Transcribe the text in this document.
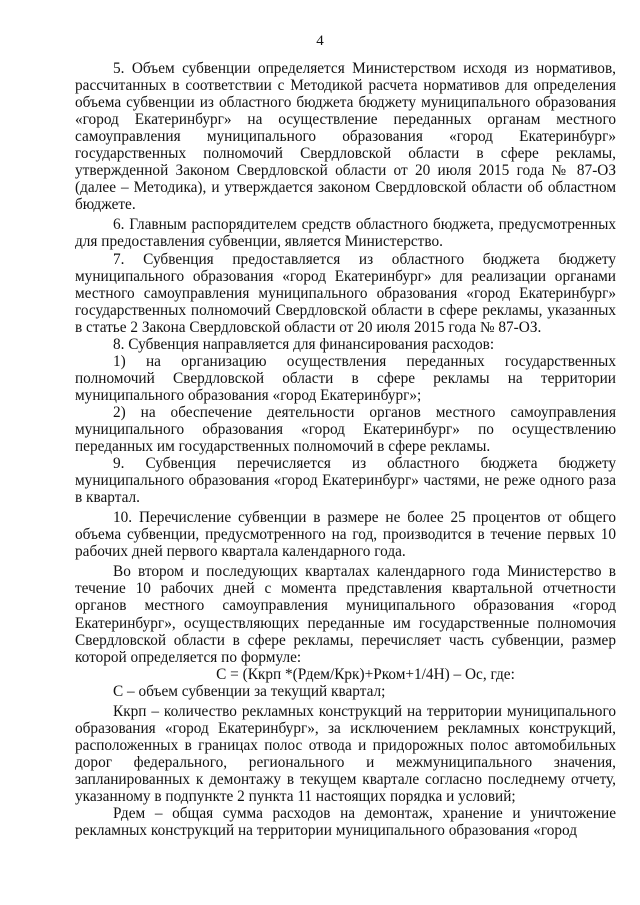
4

5. Объем субвенции определяется Министерством исходя из нормативов, рассчитанных в соответствии с Методикой расчета нормативов для определения объема субвенции из областного бюджета бюджету муниципального образования «город Екатеринбург» на осуществление переданных органам местного самоуправления муниципального образования «город Екатеринбург» государственных полномочий Свердловской области в сфере рекламы, утвержденной Законом Свердловской области от 20 июля 2015 года № 87-ОЗ (далее – Методика), и утверждается законом Свердловской области об областном бюджете.

6. Главным распорядителем средств областного бюджета, предусмотренных для предоставления субвенции, является Министерство.

7. Субвенция предоставляется из областного бюджета бюджету муниципального образования «город Екатеринбург» для реализации органами местного самоуправления муниципального образования «город Екатеринбург» государственных полномочий Свердловской области в сфере рекламы, указанных в статье 2 Закона Свердловской области от 20 июля 2015 года № 87-ОЗ.

8. Субвенция направляется для финансирования расходов:

1) на организацию осуществления переданных государственных полномочий Свердловской области в сфере рекламы на территории муниципального образования «город Екатеринбург»;

2) на обеспечение деятельности органов местного самоуправления муниципального образования «город Екатеринбург» по осуществлению переданных им государственных полномочий в сфере рекламы.

9. Субвенция перечисляется из областного бюджета бюджету муниципального образования «город Екатеринбург» частями, не реже одного раза в квартал.

10. Перечисление субвенции в размере не более 25 процентов от общего объема субвенции, предусмотренного на год, производится в течение первых 10 рабочих дней первого квартала календарного года.

Во втором и последующих кварталах календарного года Министерство в течение 10 рабочих дней с момента представления квартальной отчетности органов местного самоуправления муниципального образования «город Екатеринбург», осуществляющих переданные им государственные полномочия Свердловской области в сфере рекламы, перечисляет часть субвенции, размер которой определяется по формуле:

С = (Ккрп *(Рдем/Крк)+Рком+1/4Н) – Ос, где:

С – объем субвенции за текущий квартал;

Ккрп – количество рекламных конструкций на территории муниципального образования «город Екатеринбург», за исключением рекламных конструкций, расположенных в границах полос отвода и придорожных полос автомобильных дорог федерального, регионального и межмуниципального значения, запланированных к демонтажу в текущем квартале согласно последнему отчету, указанному в подпункте 2 пункта 11 настоящих порядка и условий;

Рдем – общая сумма расходов на демонтаж, хранение и уничтожение рекламных конструкций на территории муниципального образования «город
